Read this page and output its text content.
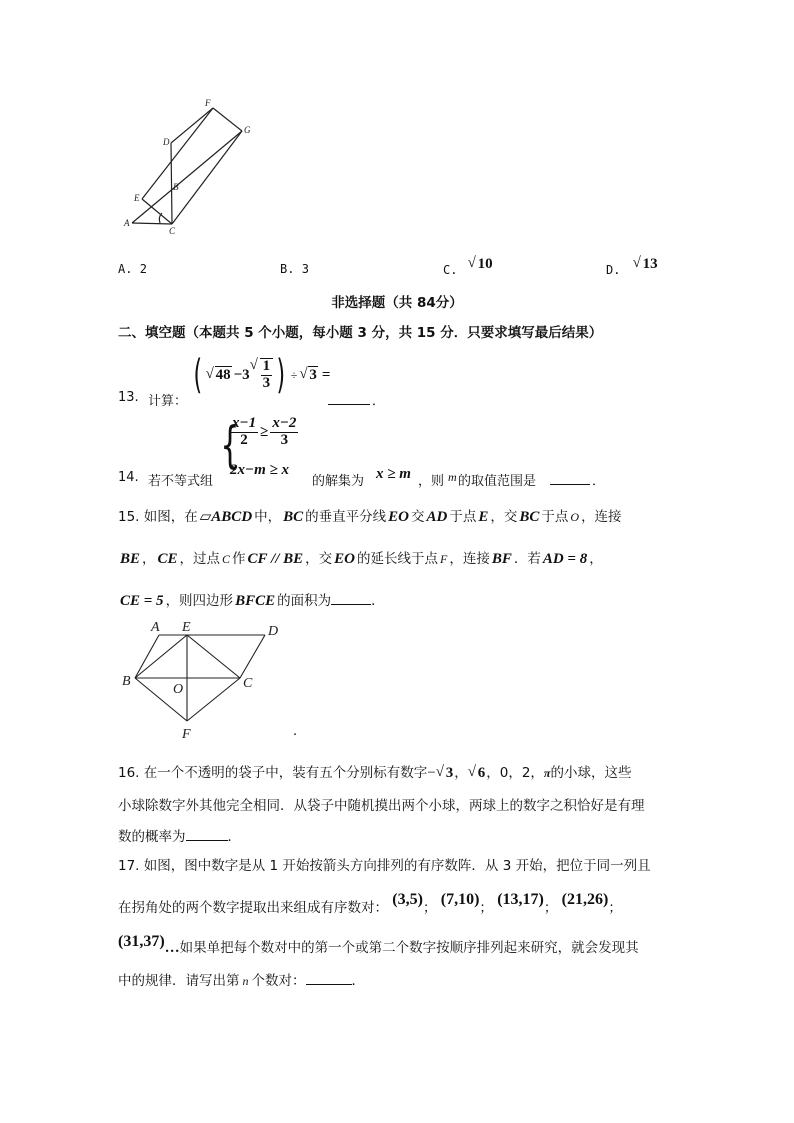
F
G
D
B
E
A
C
A. 2	B. 3	C. √ 10	D. √ 13
非选择题（共 84分）
二、填空题（本题共 5 个小题，每小题 3 分，共 15 分．只要求填写最后结果）
13. 计算：
( √ 48 −3 √ $\frac{1}{3}$ ) ÷ √ 3 =
．
14. 若不等式组
{
$\frac{x-1}{2} \ge \frac{x-2}{3}$
2x−m ≥ x
的解集为 x ≥ m ，则 m 的取值范围是	．
15. 如图，在 ▱ABCD 中， BC 的垂直平分线 EO 交 AD 于点 E ，交 BC 于点 O ，连接
BE ， CE ，过点 C 作 CF // BE ，交 EO 的延长线于点 F ，连接 BF ．若 AD = 8 ，
CE = 5 ，则四边形 BFCE 的面积为	．
A E	D
B
O	C
F	.
16. 在一个不透明的袋子中，装有五个分别标有数字− √ 3， √ 6，0，2，π的小球，这些
小球除数字外其他完全相同．从袋子中随机摸出两个小球，两球上的数字之积恰好是有理
数的概率为	．
17. 如图，图中数字是从 1 开始按箭头方向排列的有序数阵．从 3 开始，把位于同一列且
在拐角处的两个数字提取出来组成有序数对： (3,5)； (7,10)； (13,17)； (21,26)；
(31,37)…如果单把每个数对中的第一个或第二个数字按顺序排列起来研究，就会发现其
中的规律．请写出第 n 个数对：	．
